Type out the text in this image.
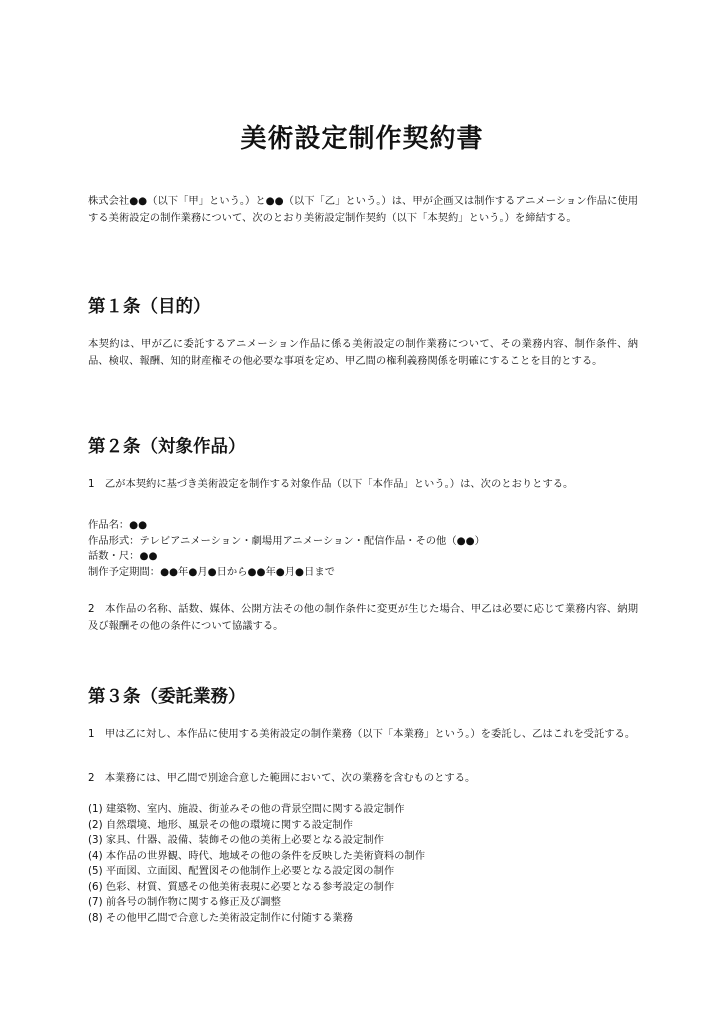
美術設定制作契約書

株式会社●●（以下「甲」という。）と●●（以下「乙」という。）は、甲が企画又は制作するアニメーション作品に使用する美術設定の制作業務について、次のとおり美術設定制作契約（以下「本契約」という。）を締結する。

第１条（目的）

本契約は、甲が乙に委託するアニメーション作品に係る美術設定の制作業務について、その業務内容、制作条件、納品、検収、報酬、知的財産権その他必要な事項を定め、甲乙間の権利義務関係を明確にすることを目的とする。

第２条（対象作品）

1　乙が本契約に基づき美術設定を制作する対象作品（以下「本作品」という。）は、次のとおりとする。

作品名：●●
作品形式：テレビアニメーション・劇場用アニメーション・配信作品・その他（●●）
話数・尺：●●
制作予定期間：●●年●月●日から●●年●月●日まで

2　本作品の名称、話数、媒体、公開方法その他の制作条件に変更が生じた場合、甲乙は必要に応じて業務内容、納期及び報酬その他の条件について協議する。

第３条（委託業務）

1　甲は乙に対し、本作品に使用する美術設定の制作業務（以下「本業務」という。）を委託し、乙はこれを受託する。

2　本業務には、甲乙間で別途合意した範囲において、次の業務を含むものとする。

(1) 建築物、室内、施設、街並みその他の背景空間に関する設定制作
(2) 自然環境、地形、風景その他の環境に関する設定制作
(3) 家具、什器、設備、装飾その他の美術上必要となる設定制作
(4) 本作品の世界観、時代、地域その他の条件を反映した美術資料の制作
(5) 平面図、立面図、配置図その他制作上必要となる設定図の制作
(6) 色彩、材質、質感その他美術表現に必要となる参考設定の制作
(7) 前各号の制作物に関する修正及び調整
(8) その他甲乙間で合意した美術設定制作に付随する業務
